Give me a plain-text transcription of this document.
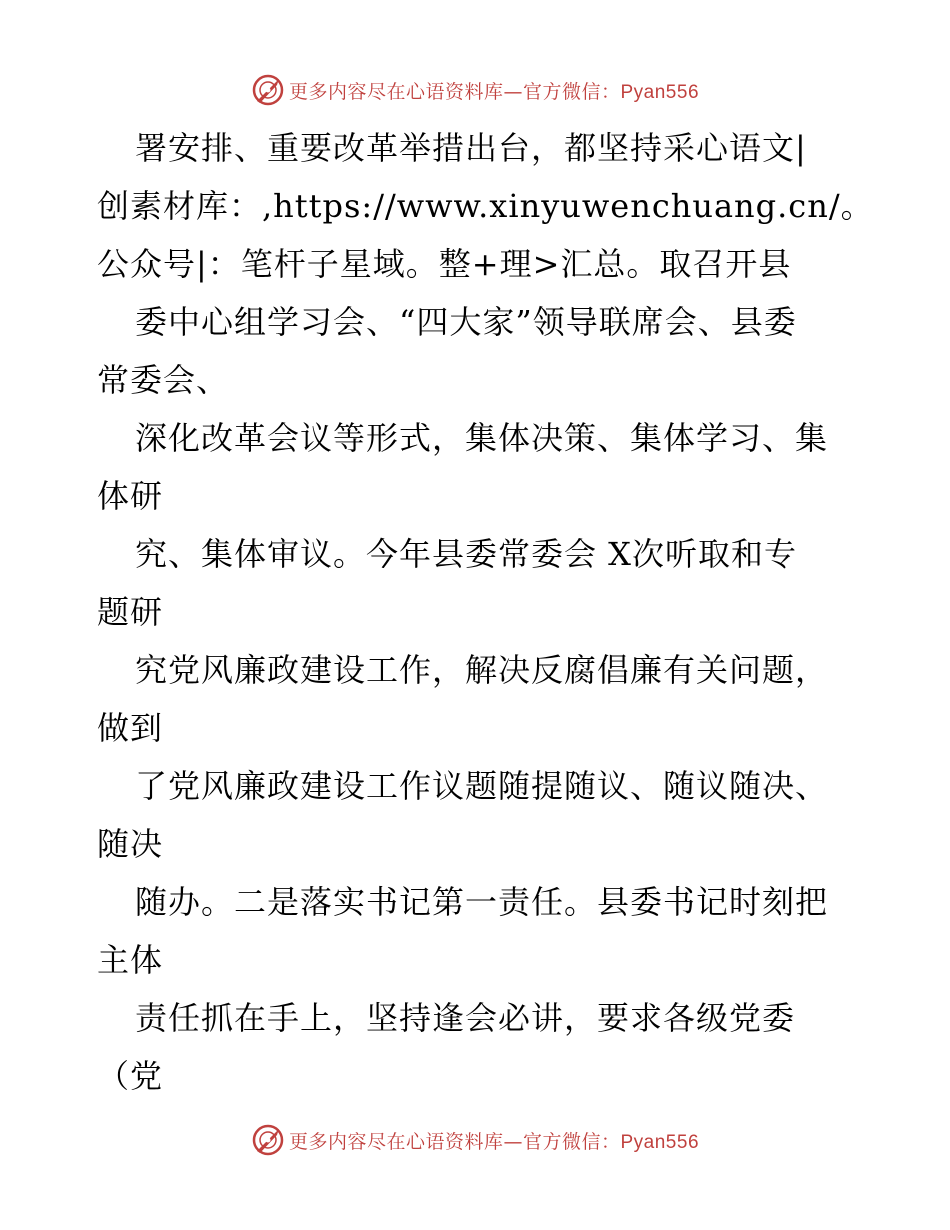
更多内容尽在心语资料库—官方微信：Pyan556
署安排、重要改革举措出台，都坚持采心语文|
创素材库：,https://www.xinyuwenchuang.cn/。
公众号|：笔杆子星域。整+理>汇总。取召开县
委中心组学习会、“四大家”领导联席会、县委
常委会、
深化改革会议等形式，集体决策、集体学习、集
体研
究、集体审议。今年县委常委会 X次听取和专
题研
究党风廉政建设工作，解决反腐倡廉有关问题，
做到
了党风廉政建设工作议题随提随议、随议随决、
随决
随办。二是落实书记第一责任。县委书记时刻把
主体
责任抓在手上，坚持逢会必讲，要求各级党委
（党
更多内容尽在心语资料库—官方微信：Pyan556
